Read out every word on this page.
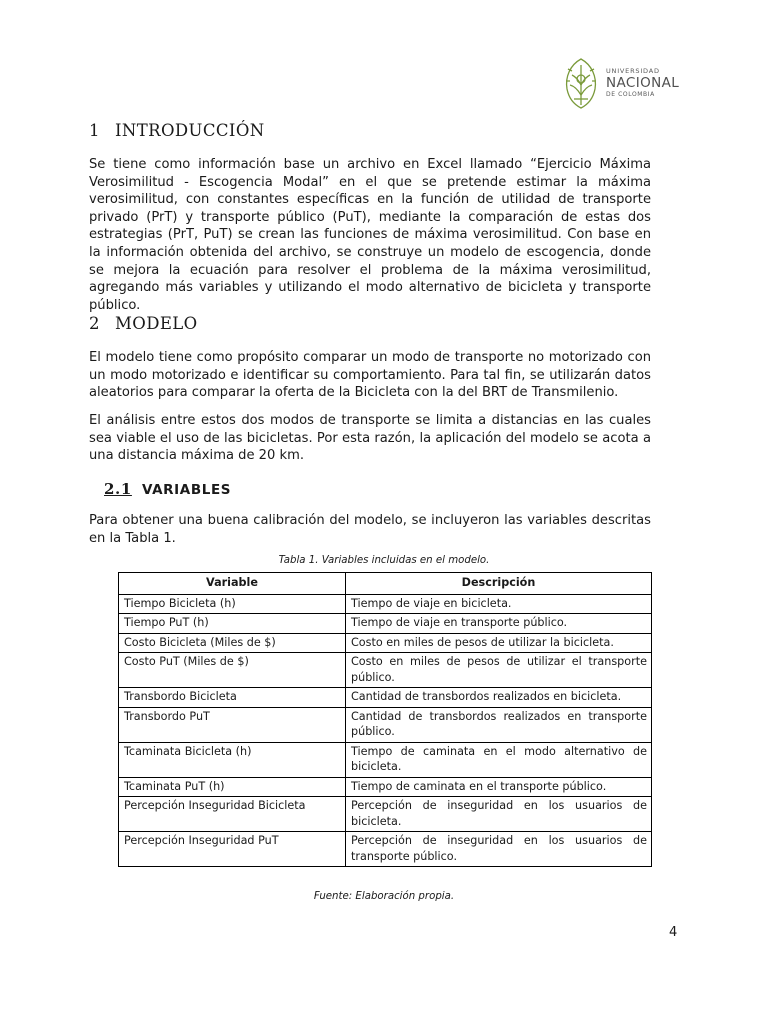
UNIVERSIDAD
NACIONAL
DE COLOMBIA
1 INTRODUCCIÓN

Se tiene como información base un archivo en Excel llamado “Ejercicio Máxima Verosimilitud - Escogencia Modal” en el que se pretende estimar la máxima verosimilitud, con constantes específicas en la función de utilidad de transporte privado (PrT) y transporte público (PuT), mediante la comparación de estas dos estrategias (PrT, PuT) se crean las funciones de máxima verosimilitud. Con base en la información obtenida del archivo, se construye un modelo de escogencia, donde se mejora la ecuación para resolver el problema de la máxima verosimilitud, agregando más variables y utilizando el modo alternativo de bicicleta y transporte público.

2 MODELO

El modelo tiene como propósito comparar un modo de transporte no motorizado con un modo motorizado e identificar su comportamiento. Para tal fin, se utilizarán datos aleatorios para comparar la oferta de la Bicicleta con la del BRT de Transmilenio.

El análisis entre estos dos modos de transporte se limita a distancias en las cuales sea viable el uso de las bicicletas. Por esta razón, la aplicación del modelo se acota a una distancia máxima de 20 km.

2.1 VARIABLES

Para obtener una buena calibración del modelo, se incluyeron las variables descritas en la Tabla 1.

Tabla 1. Variables incluidas en el modelo.

Variable	Descripción
Tiempo Bicicleta (h)	Tiempo de viaje en bicicleta.
Tiempo PuT (h)	Tiempo de viaje en transporte público.
Costo Bicicleta (Miles de $)	Costo en miles de pesos de utilizar la bicicleta.
Costo PuT (Miles de $)	Costo en miles de pesos de utilizar el transporte público.
Transbordo Bicicleta	Cantidad de transbordos realizados en bicicleta.
Transbordo PuT	Cantidad de transbordos realizados en transporte público.
Tcaminata Bicicleta (h)	Tiempo de caminata en el modo alternativo de bicicleta.
Tcaminata PuT (h)	Tiempo de caminata en el transporte público.
Percepción Inseguridad Bicicleta	Percepción de inseguridad en los usuarios de bicicleta.
Percepción Inseguridad PuT	Percepción de inseguridad en los usuarios de transporte público.

Fuente: Elaboración propia.

4
